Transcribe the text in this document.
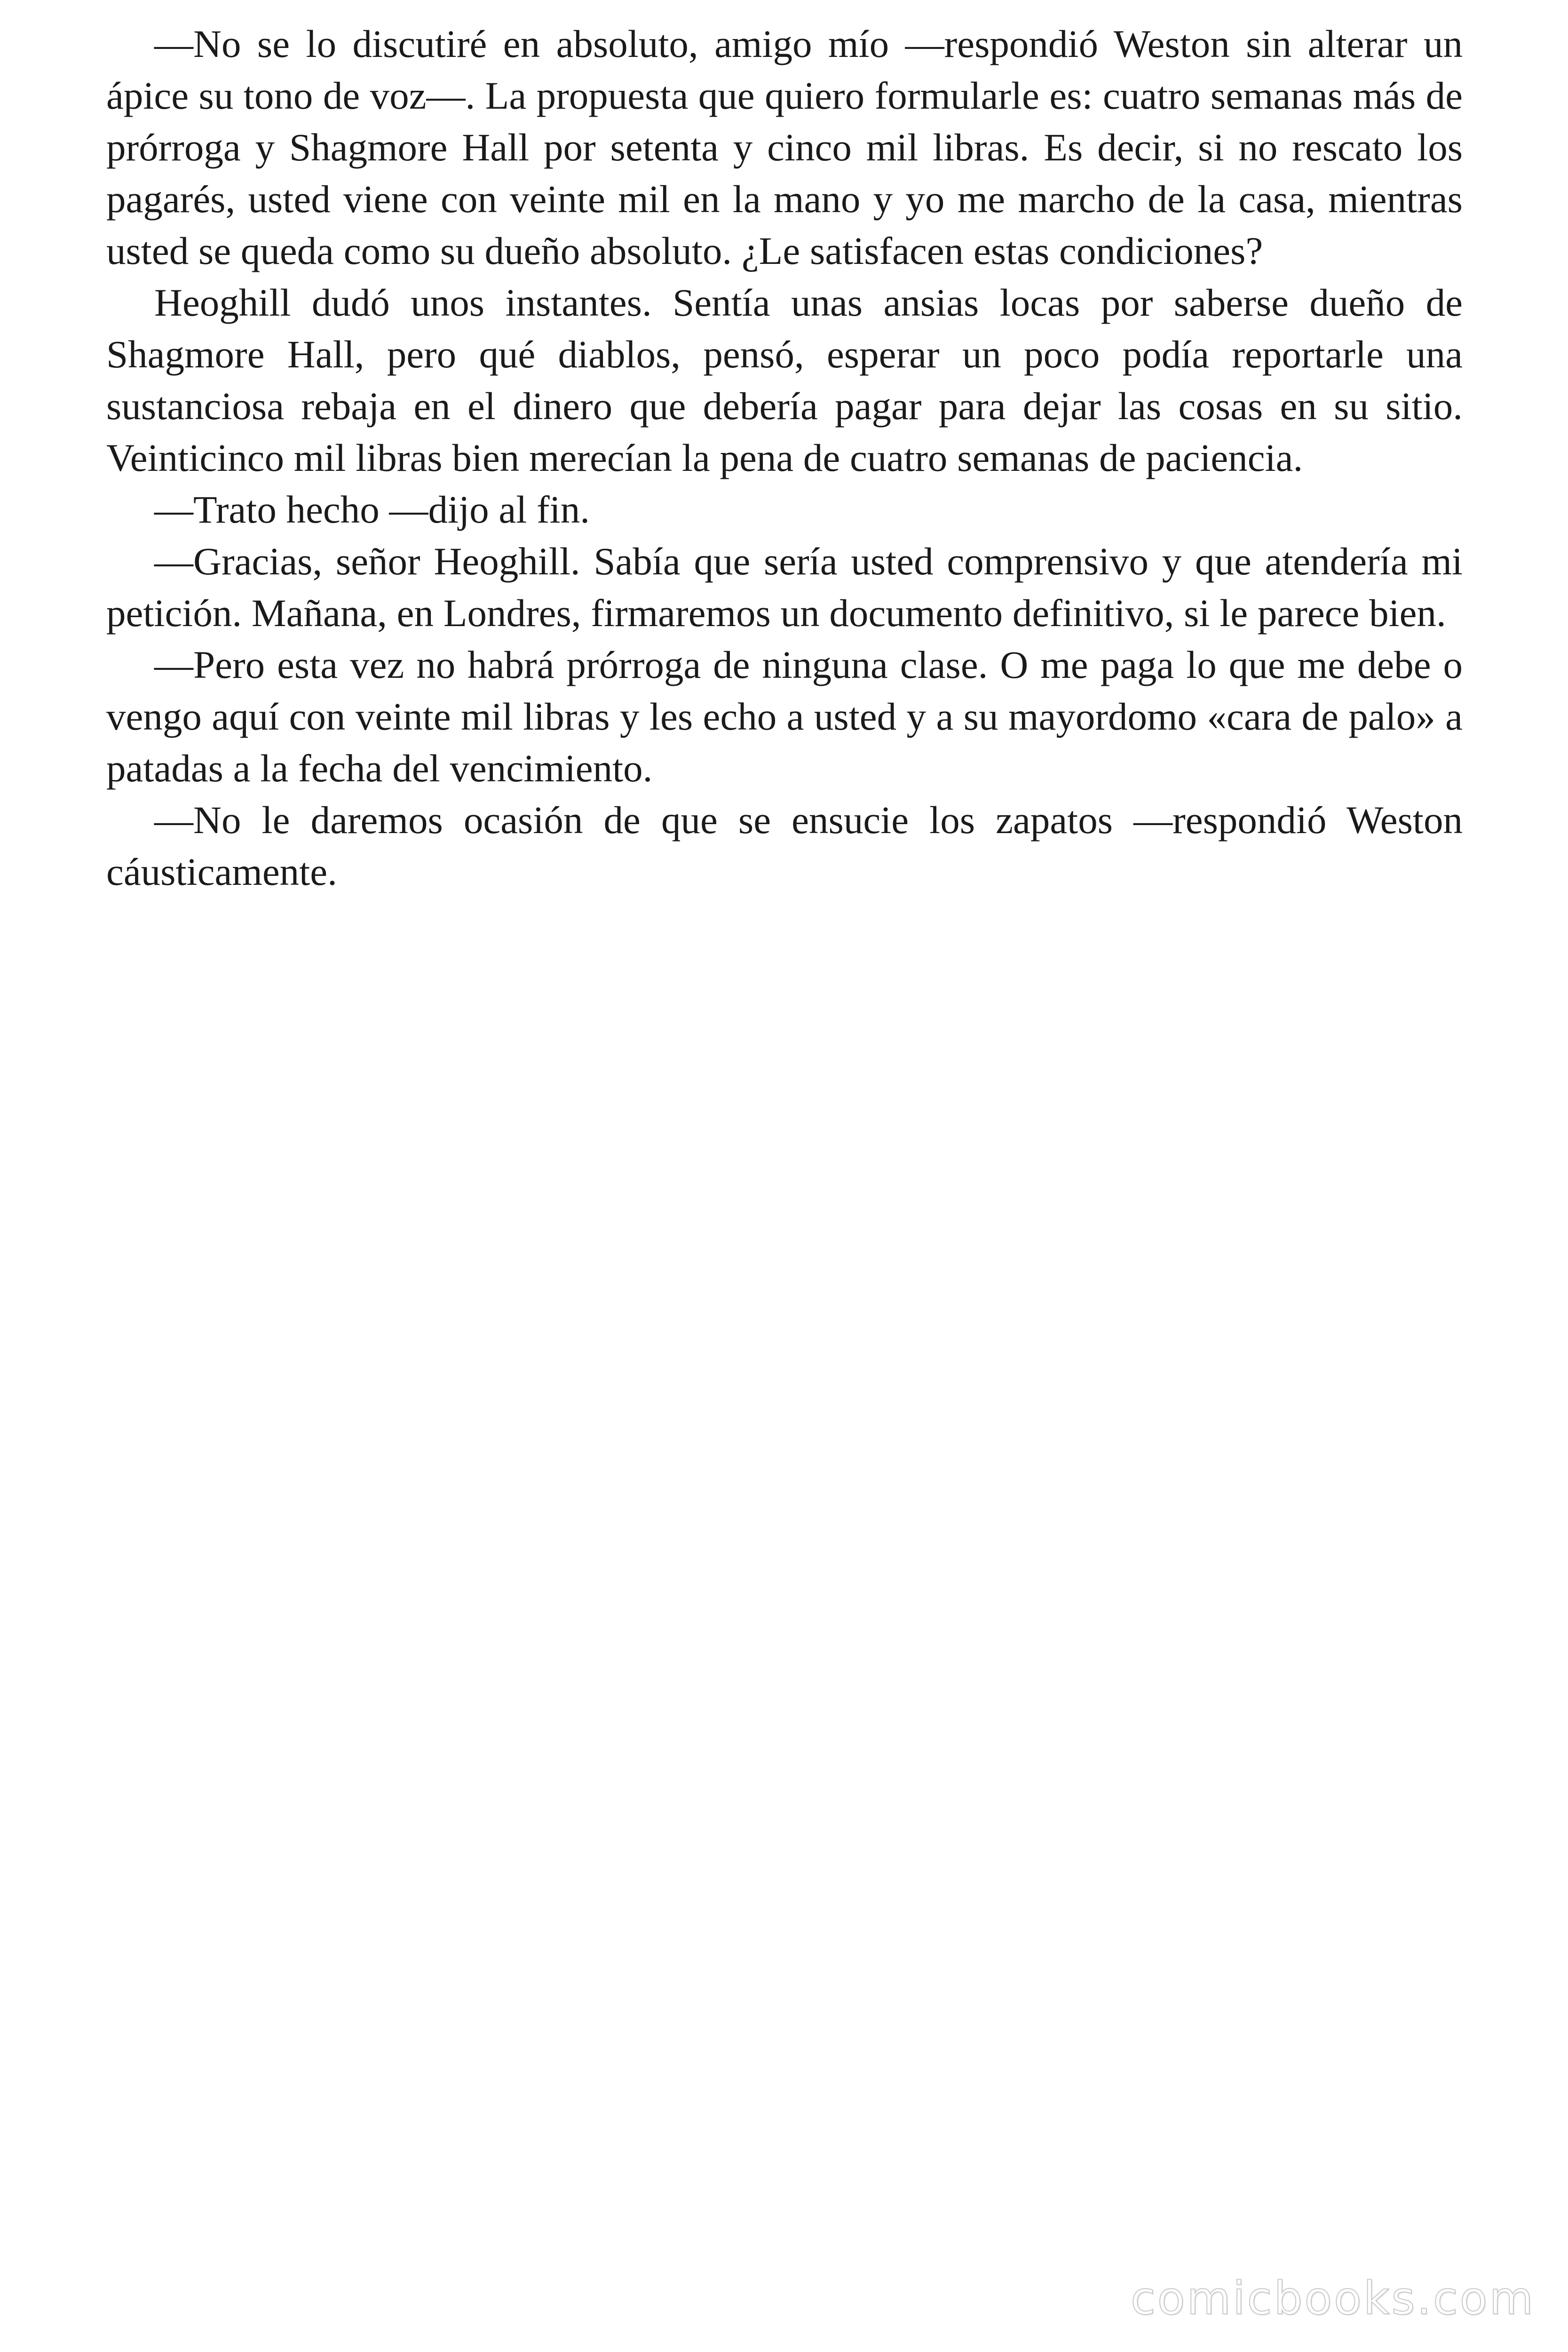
—No se lo discutiré en absoluto, amigo mío —respondió Weston sin alterar un ápice su tono de voz—. La propuesta que quiero formularle es: cuatro semanas más de prórroga y Shagmore Hall por setenta y cinco mil libras. Es decir, si no rescato los pagarés, usted viene con veinte mil en la mano y yo me marcho de la casa, mientras usted se queda como su dueño absoluto. ¿Le satisfacen estas condiciones?

Heoghill dudó unos instantes. Sentía unas ansias locas por saberse dueño de Shagmore Hall, pero qué diablos, pensó, esperar un poco podía reportarle una sustanciosa rebaja en el dinero que debería pagar para dejar las cosas en su sitio. Veinticinco mil libras bien merecían la pena de cuatro semanas de paciencia.

—Trato hecho —dijo al fin.

—Gracias, señor Heoghill. Sabía que sería usted comprensivo y que atendería mi petición. Mañana, en Londres, firmaremos un documento definitivo, si le parece bien.

—Pero esta vez no habrá prórroga de ninguna clase. O me paga lo que me debe o vengo aquí con veinte mil libras y les echo a usted y a su mayordomo «cara de palo» a patadas a la fecha del vencimiento.

—No le daremos ocasión de que se ensucie los zapatos —respondió Weston cáusticamente.

comicbooks.com
